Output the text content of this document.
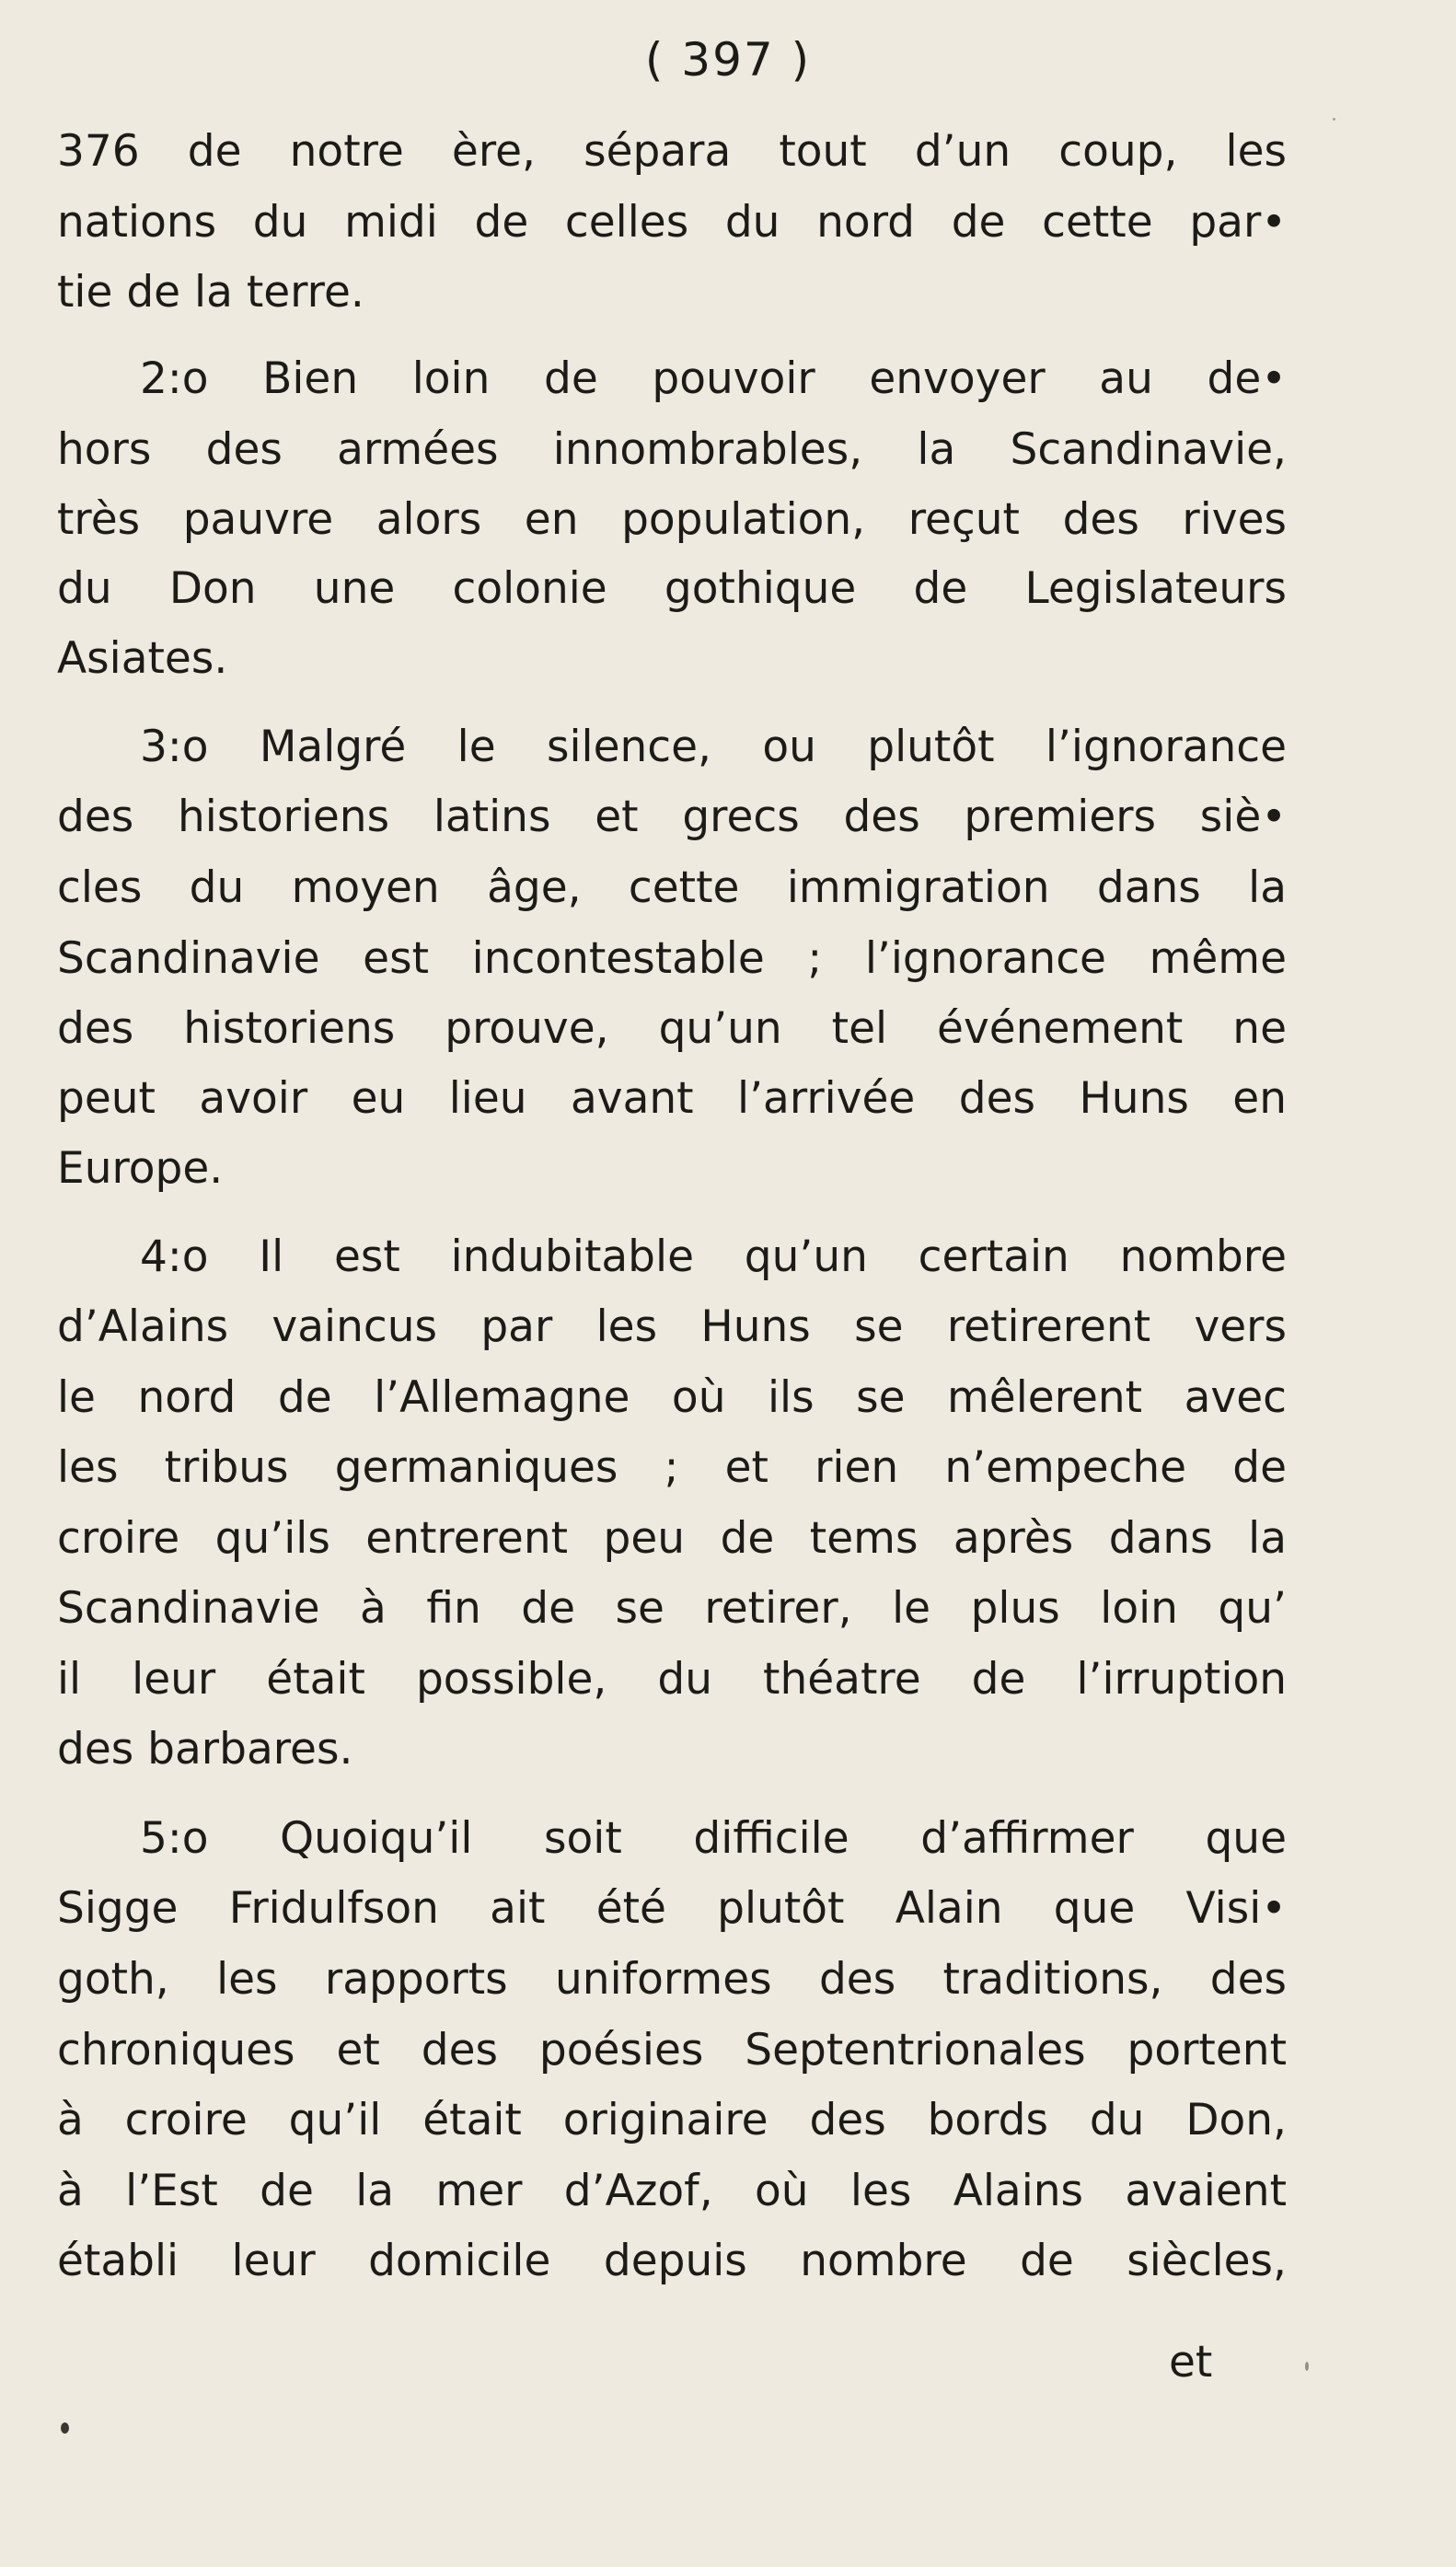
( 397 )
376 de notre ère, sépara tout d’un coup, les
nations du midi de celles du nord de cette par•
tie de la terre.
2:o Bien loin de pouvoir envoyer au de•
hors des armées innombrables, la Scandinavie,
très pauvre alors en population, reçut des rives
du Don une colonie gothique de Legislateurs
Asiates.
3:o Malgré le silence, ou plutôt l’ignorance
des historiens latins et grecs des premiers siè•
cles du moyen âge, cette immigration dans la
Scandinavie est incontestable ; l’ignorance même
des historiens prouve, qu’un tel événement ne
peut avoir eu lieu avant l’arrivée des Huns en
Europe.
4:o Il est indubitable qu’un certain nombre
d’Alains vaincus par les Huns se retirerent vers
le nord de l’Allemagne où ils se mêlerent avec
les tribus germaniques ; et rien n’empeche de
croire qu’ils entrerent peu de tems après dans la
Scandinavie à fin de se retirer, le plus loin qu’
il leur était possible, du théatre de l’irruption
des barbares.
5:o Quoiqu’il soit difficile d’affirmer que
Sigge Fridulfson ait été plutôt Alain que Visi•
goth, les rapports uniformes des traditions, des
chroniques et des poésies Septentrionales portent
à croire qu’il était originaire des bords du Don,
à l’Est de la mer d’Azof, où les Alains avaient
établi leur domicile depuis nombre de siècles,
et
